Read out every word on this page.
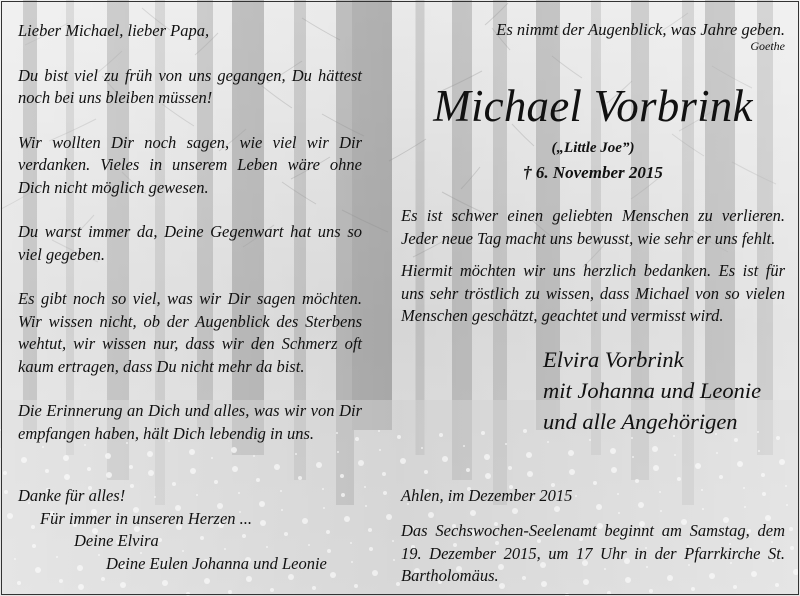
Lieber Michael, lieber Papa,

Du bist viel zu früh von uns gegangen, Du hättest noch bei uns bleiben müssen!

Wir wollten Dir noch sagen, wie viel wir Dir verdanken. Vieles in unserem Leben wäre ohne Dich nicht möglich gewesen.

Du warst immer da, Deine Gegenwart hat uns so viel gegeben.

Es gibt noch so viel, was wir Dir sagen möchten. Wir wissen nicht, ob der Augenblick des Sterbens wehtut, wir wissen nur, dass wir den Schmerz oft kaum ertragen, dass Du nicht mehr da bist.

Die Erinnerung an Dich und alles, was wir von Dir empfangen haben, hält Dich lebendig in uns.

Danke für alles!
Für immer in unseren Herzen ...
Deine Elvira
Deine Eulen Johanna und Leonie
Es nimmt der Augenblick, was Jahre geben.
Goethe
Michael Vorbrink
(„Little Joe”)
† 6. November 2015

Es ist schwer einen geliebten Menschen zu verlieren. Jeder neue Tag macht uns bewusst, wie sehr er uns fehlt.

Hiermit möchten wir uns herzlich bedanken. Es ist für uns sehr tröstlich zu wissen, dass Michael von so vielen Menschen geschätzt, geachtet und vermisst wird.

Elvira Vorbrink
mit Johanna und Leonie
und alle Angehörigen
Ahlen, im Dezember 2015

Das Sechswochen-Seelenamt beginnt am Samstag, dem 19. Dezember 2015, um 17 Uhr in der Pfarrkirche St. Bartholomäus.
